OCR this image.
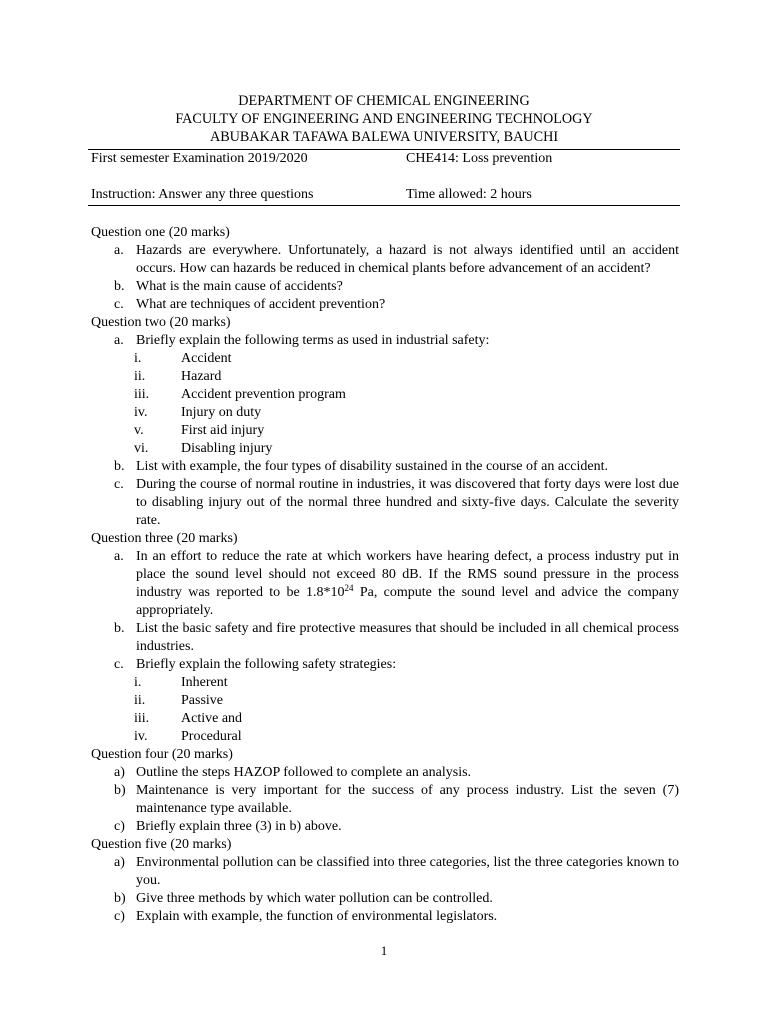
DEPARTMENT OF CHEMICAL ENGINEERING
FACULTY OF ENGINEERING AND ENGINEERING TECHNOLOGY
ABUBAKAR TAFAWA BALEWA UNIVERSITY, BAUCHI
First semester Examination 2019/2020	CHE414: Loss prevention
Instruction: Answer any three questions	Time allowed: 2 hours
Question one (20 marks)
a. Hazards are everywhere. Unfortunately, a hazard is not always identified until an accident occurs. How can hazards be reduced in chemical plants before advancement of an accident?
b. What is the main cause of accidents?
c. What are techniques of accident prevention?
Question two (20 marks)
a. Briefly explain the following terms as used in industrial safety:
i.	Accident
ii.	Hazard
iii. Accident prevention program
iv. Injury on duty
v.	First aid injury
vi. Disabling injury
b. List with example, the four types of disability sustained in the course of an accident.
c. During the course of normal routine in industries, it was discovered that forty days were lost due to disabling injury out of the normal three hundred and sixty-five days. Calculate the severity rate.
Question three (20 marks)
a. In an effort to reduce the rate at which workers have hearing defect, a process industry put in place the sound level should not exceed 80 dB. If the RMS sound pressure in the process industry was reported to be $1.8*10^{24}$ Pa, compute the sound level and advice the company appropriately.
b. List the basic safety and fire protective measures that should be included in all chemical process industries.
c. Briefly explain the following safety strategies:
i.	Inherent
ii.	Passive
iii. Active and
iv. Procedural
Question four (20 marks)
a) Outline the steps HAZOP followed to complete an analysis.
b) Maintenance is very important for the success of any process industry. List the seven (7) maintenance type available.
c) Briefly explain three (3) in b) above.
Question five (20 marks)
a) Environmental pollution can be classified into three categories, list the three categories known to you.
b) Give three methods by which water pollution can be controlled.
c) Explain with example, the function of environmental legislators.
1
